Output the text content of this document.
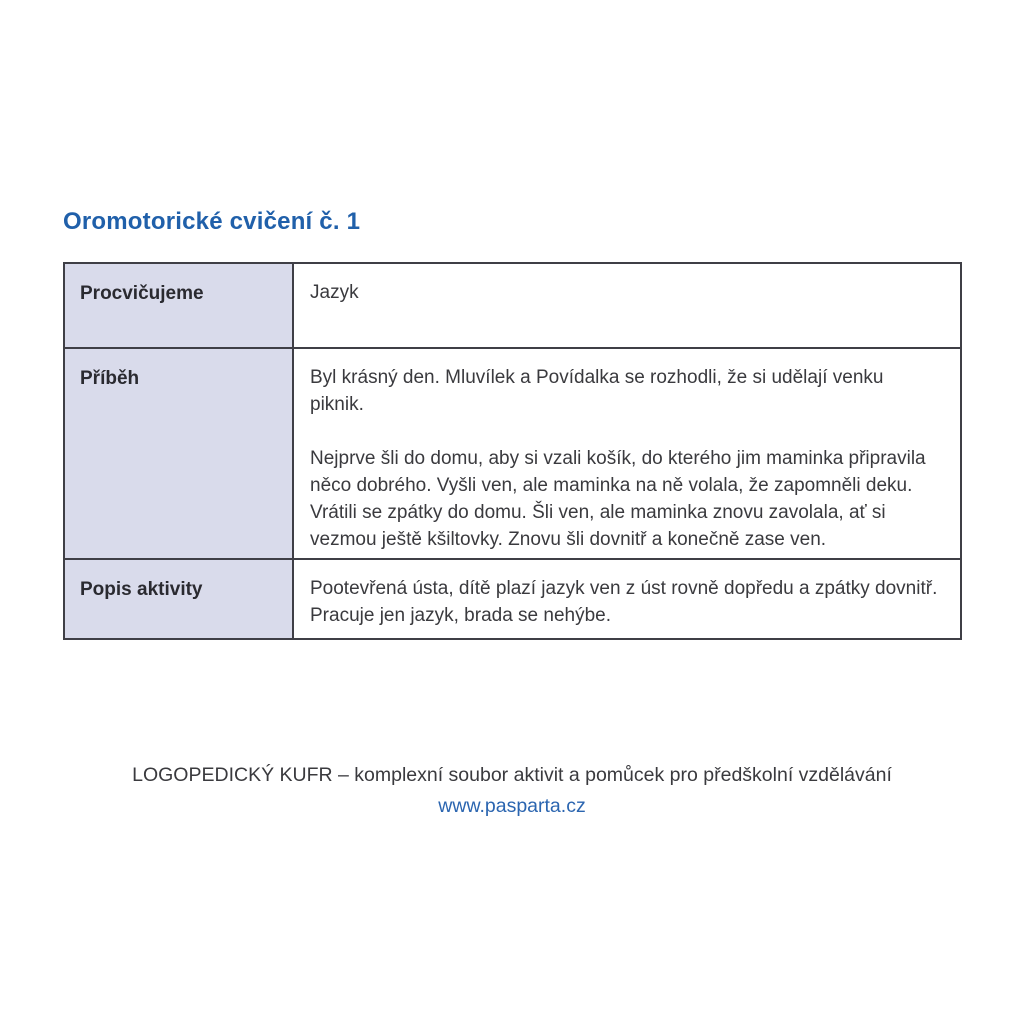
Oromotorické cvičení č. 1
Procvičujeme	Jazyk

Příběh	Byl krásný den. Mluvílek a Povídalka se rozhodli, že si udělají venku piknik.

Nejprve šli do domu, aby si vzali košík, do kterého jim maminka připravila něco dobrého. Vyšli ven, ale maminka na ně volala, že zapomněli deku. Vrátili se zpátky do domu. Šli ven, ale maminka znovu zavolala, ať si vezmou ještě kšiltovky. Znovu šli dovnitř a konečně zase ven.

Popis aktivity	Pootevřená ústa, dítě plazí jazyk ven z úst rovně dopředu a zpátky dovnitř. Pracuje jen jazyk, brada se nehýbe.

LOGOPEDICKÝ KUFR – komplexní soubor aktivit a pomůcek pro předškolní vzdělávání
www.pasparta.cz
